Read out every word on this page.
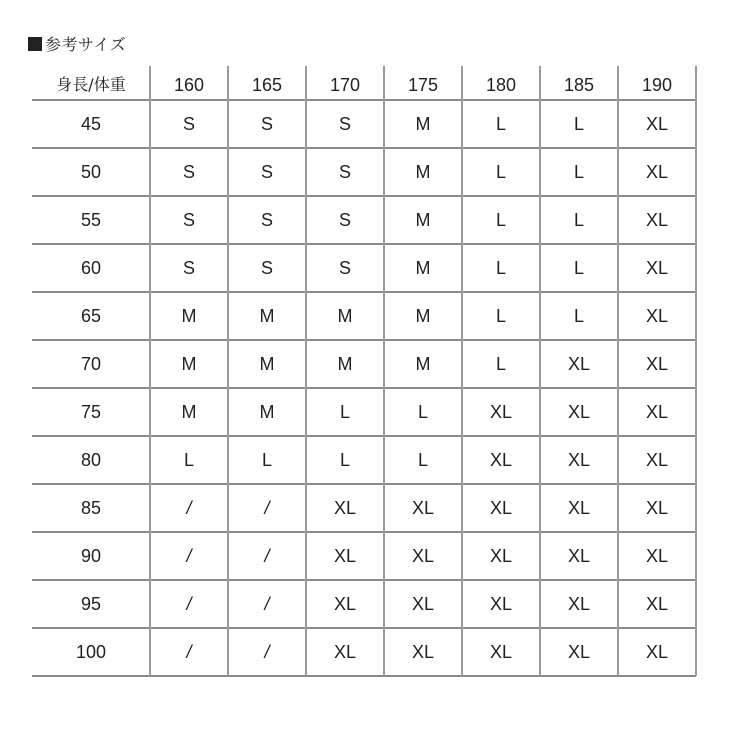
参考サイズ
身長/体重	160	165	170	175	180	185	190
45	S	S	S	M	L	L	XL
50	S	S	S	M	L	L	XL
55	S	S	S	M	L	L	XL
60	S	S	S	M	L	L	XL
65	M	M	M	M	L	L	XL
70	M	M	M	M	L	XL	XL
75	M	M	L	L	XL	XL	XL
80	L	L	L	L	XL	XL	XL
85	/	/	XL	XL	XL	XL	XL
90	/	/	XL	XL	XL	XL	XL
95	/	/	XL	XL	XL	XL	XL
100	/	/	XL	XL	XL	XL	XL
